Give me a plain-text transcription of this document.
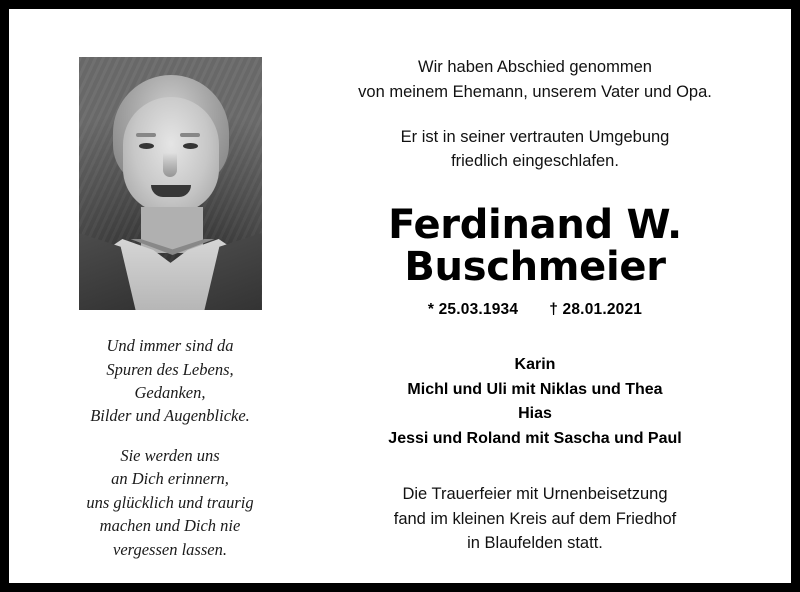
Und immer sind da
Spuren des Lebens,
Gedanken,
Bilder und Augenblicke.
Sie werden uns
an Dich erinnern,
uns glücklich und traurig
machen und Dich nie
vergessen lassen.
Wir haben Abschied genommen
von meinem Ehemann, unserem Vater und Opa.
Er ist in seiner vertrauten Umgebung
friedlich eingeschlafen.
Ferdinand W.
Buschmeier
* 25.03.1934 † 28.01.2021
Karin
Michl und Uli mit Niklas und Thea
Hias
Jessi und Roland mit Sascha und Paul
Die Trauerfeier mit Urnenbeisetzung
fand im kleinen Kreis auf dem Friedhof
in Blaufelden statt.
